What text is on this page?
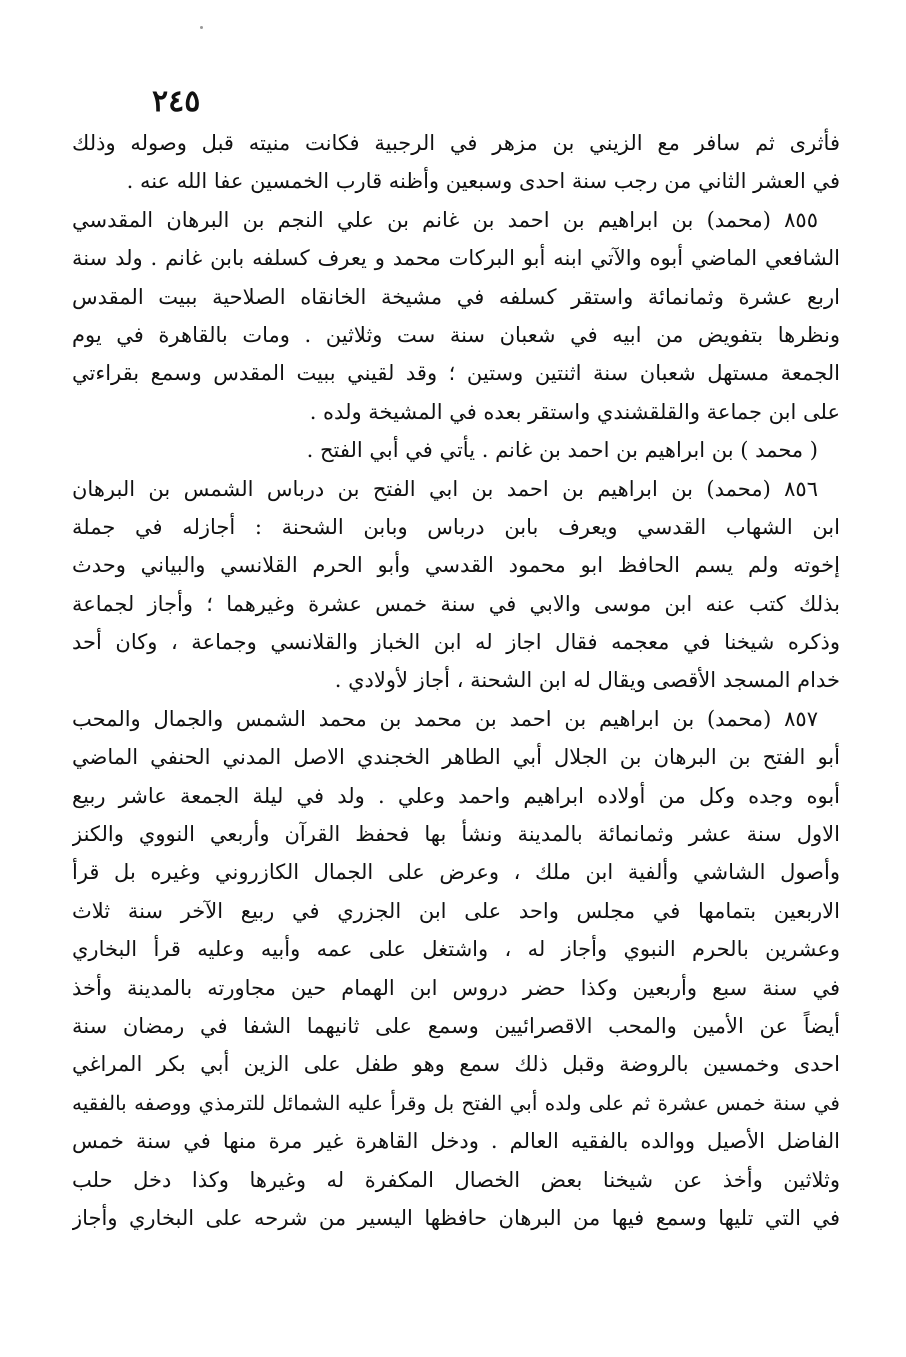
٢٤٥
فأثرى ثم سافر مع الزيني بن مزهر في الرجبية فكانت منيته قبل وصوله وذلك
في العشر الثاني من رجب سنة احدى وسبعين وأظنه قارب الخمسين عفا الله عنه .
٨٥٥ (محمد) بن ابراهيم بن احمد بن غانم بن علي النجم بن البرهان المقدسي
الشافعي الماضي أبوه والآتي ابنه أبو البركات محمد و يعرف كسلفه بابن غانم . ولد سنة
اربع عشرة وثمانمائة واستقر كسلفه في مشيخة الخانقاه الصلاحية ببيت المقدس
ونظرها بتفويض من ابيه في شعبان سنة ست وثلاثين . ومات بالقاهرة في يوم
الجمعة مستهل شعبان سنة اثنتين وستين ؛ وقد لقيني ببيت المقدس وسمع بقراءتي
على ابن جماعة والقلقشندي واستقر بعده في المشيخة ولده .
( محمد ) بن ابراهيم بن احمد بن غانم . يأتي في أبي الفتح .
٨٥٦ (محمد) بن ابراهيم بن احمد بن ابي الفتح بن درباس الشمس بن البرهان
ابن الشهاب القدسي ويعرف بابن درباس وبابن الشحنة : أجازله في جملة
إخوته ولم يسم الحافظ ابو محمود القدسي وأبو الحرم القلانسي والبياني وحدث
بذلك كتب عنه ابن موسى والابي في سنة خمس عشرة وغيرهما ؛ وأجاز لجماعة
وذكره شيخنا في معجمه فقال اجاز له ابن الخباز والقلانسي وجماعة ، وكان أحد
خدام المسجد الأقصى ويقال له ابن الشحنة ، أجاز لأولادي .
٨٥٧ (محمد) بن ابراهيم بن احمد بن محمد بن محمد الشمس والجمال والمحب
أبو الفتح بن البرهان بن الجلال أبي الطاهر الخجندي الاصل المدني الحنفي الماضي
أبوه وجده وكل من أولاده ابراهيم واحمد وعلي . ولد في ليلة الجمعة عاشر ربيع
الاول سنة عشر وثمانمائة بالمدينة ونشأ بها فحفظ القرآن وأربعي النووي والكنز
وأصول الشاشي وألفية ابن ملك ، وعرض على الجمال الكازروني وغيره بل قرأ
الاربعين بتمامها في مجلس واحد على ابن الجزري في ربيع الآخر سنة ثلاث
وعشرين بالحرم النبوي وأجاز له ، واشتغل على عمه وأبيه وعليه قرأ البخاري
في سنة سبع وأربعين وكذا حضر دروس ابن الهمام حين مجاورته بالمدينة وأخذ
أيضاً عن الأمين والمحب الاقصرائيين وسمع على ثانيهما الشفا في رمضان سنة
احدى وخمسين بالروضة وقبل ذلك سمع وهو طفل على الزين أبي بكر المراغي
في سنة خمس عشرة ثم على ولده أبي الفتح بل وقرأ عليه الشمائل للترمذي ووصفه بالفقيه
الفاضل الأصيل ووالده بالفقيه العالم . ودخل القاهرة غير مرة منها في سنة خمس
وثلاثين وأخذ عن شيخنا بعض الخصال المكفرة له وغيرها وكذا دخل حلب
في التي تليها وسمع فيها من البرهان حافظها اليسير من شرحه على البخاري وأجاز
